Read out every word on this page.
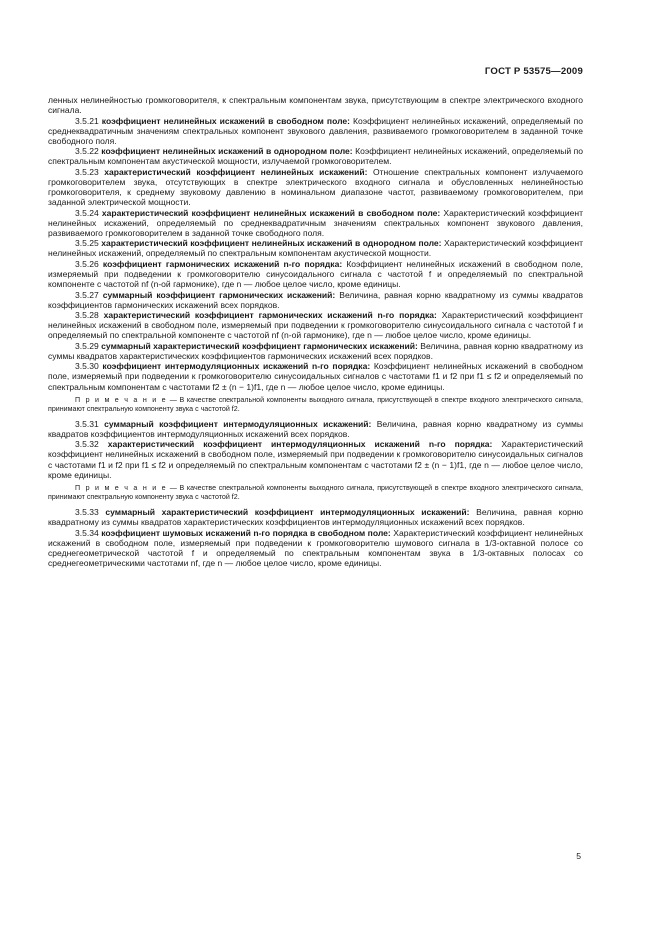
ГОСТ Р 53575—2009

ленных нелинейностью громкоговорителя, к спектральным компонентам звука, присутствующим в спектре электрического входного сигнала.

3.5.21 коэффициент нелинейных искажений в свободном поле: Коэффициент нелинейных искажений, определяемый по среднеквадратичным значениям спектральных компонент звукового давления, развиваемого громкоговорителем в заданной точке свободного поля.

3.5.22 коэффициент нелинейных искажений в однородном поле: Коэффициент нелинейных искажений, определяемый по спектральным компонентам акустической мощности, излучаемой громкоговорителем.

3.5.23 характеристический коэффициент нелинейных искажений: Отношение спектральных компонент излучаемого громкоговорителем звука, отсутствующих в спектре электрического входного сигнала и обусловленных нелинейностью громкоговорителя, к среднему звуковому давлению в номинальном диапазоне частот, развиваемому громкоговорителем, при заданной электрической мощности.

3.5.24 характеристический коэффициент нелинейных искажений в свободном поле: Характеристический коэффициент нелинейных искажений, определяемый по среднеквадратичным значениям спектральных компонент звукового давления, развиваемого громкоговорителем в заданной точке свободного поля.

3.5.25 характеристический коэффициент нелинейных искажений в однородном поле: Характеристический коэффициент нелинейных искажений, определяемый по спектральным компонентам акустической мощности.

3.5.26 коэффициент гармонических искажений n-го порядка: Коэффициент нелинейных искажений в свободном поле, измеряемый при подведении к громкоговорителю синусоидального сигнала с частотой f и определяемый по спектральной компоненте с частотой nf (n-ой гармонике), где n — любое целое число, кроме единицы.

3.5.27 суммарный коэффициент гармонических искажений: Величина, равная корню квадратному из суммы квадратов коэффициентов гармонических искажений всех порядков.

3.5.28 характеристический коэффициент гармонических искажений n-го порядка: Характеристический коэффициент нелинейных искажений в свободном поле, измеряемый при подведении к громкоговорителю синусоидального сигнала с частотой f и определяемый по спектральной компоненте с частотой nf (n-ой гармонике), где n — любое целое число, кроме единицы.

3.5.29 суммарный характеристический коэффициент гармонических искажений: Величина, равная корню квадратному из суммы квадратов характеристических коэффициентов гармонических искажений всех порядков.

3.5.30 коэффициент интермодуляционных искажений n-го порядка: Коэффициент нелинейных искажений в свободном поле, измеряемый при подведении к громкоговорителю синусоидальных сигналов с частотами f1 и f2 при f1 ≤ f2 и определяемый по спектральным компонентам с частотами f2 ± (n − 1)f1, где n — любое целое число, кроме единицы.

П р и м е ч а н и е — В качестве спектральной компоненты выходного сигнала, присутствующей в спектре входного электрического сигнала, принимают спектральную компоненту звука с частотой f2.

3.5.31 суммарный коэффициент интермодуляционных искажений: Величина, равная корню квадратному из суммы квадратов коэффициентов интермодуляционных искажений всех порядков.

3.5.32 характеристический коэффициент интермодуляционных искажений n-го порядка: Характеристический коэффициент нелинейных искажений в свободном поле, измеряемый при подведении к громкоговорителю синусоидальных сигналов с частотами f1 и f2 при f1 ≤ f2 и определяемый по спектральным компонентам с частотами f2 ± (n − 1)f1, где n — любое целое число, кроме единицы.

П р и м е ч а н и е — В качестве спектральной компоненты выходного сигнала, присутствующей в спектре входного электрического сигнала, принимают спектральную компоненту звука с частотой f2.

3.5.33 суммарный характеристический коэффициент интермодуляционных искажений: Величина, равная корню квадратному из суммы квадратов характеристических коэффициентов интермодуляционных искажений всех порядков.

3.5.34 коэффициент шумовых искажений n-го порядка в свободном поле: Характеристический коэффициент нелинейных искажений в свободном поле, измеряемый при подведении к громкоговорителю шумового сигнала в 1/3-октавной полосе со среднегеометрической частотой f и определяемый по спектральным компонентам звука в 1/3-октавных полосах со среднегеометрическими частотами nf, где n — любое целое число, кроме единицы.

5
